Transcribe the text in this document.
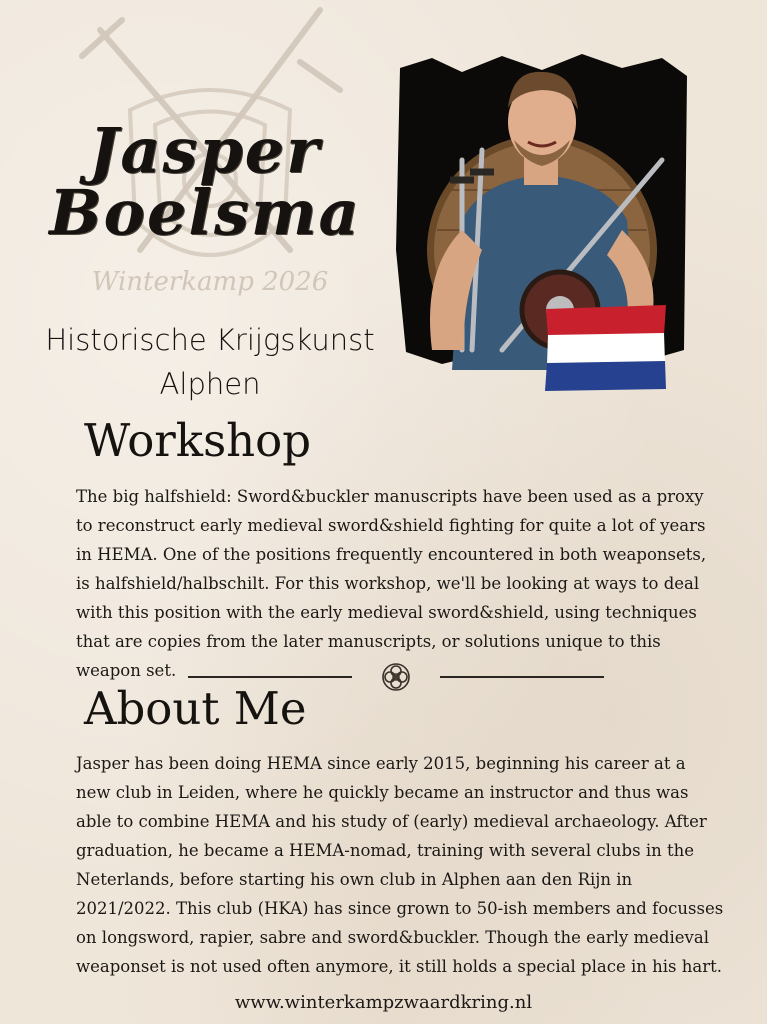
Winterkamp 2026
Jasper
Boelsma
Historische Krijgskunst
Alphen
Workshop

The big halfshield: Sword&buckler manuscripts have been used as a proxy to reconstruct early medieval sword&shield fighting for quite a lot of years in HEMA. One of the positions frequently encountered in both weaponsets, is halfshield/halbschilt. For this workshop, we'll be looking at ways to deal with this position with the early medieval sword&shield, using techniques that are copies from the later manuscripts, or solutions unique to this weapon set.

About Me

Jasper has been doing HEMA since early 2015, beginning his career at a new club in Leiden, where he quickly became an instructor and thus was able to combine HEMA and his study of (early) medieval archaeology. After graduation, he became a HEMA-nomad, training with several clubs in the Neterlands, before starting his own club in Alphen aan den Rijn in 2021/2022. This club (HKA) has since grown to 50-ish members and focusses on longsword, rapier, sabre and sword&buckler. Though the early medieval weaponset is not used often anymore, it still holds a special place in his hart.

www.winterkampzwaardkring.nl
